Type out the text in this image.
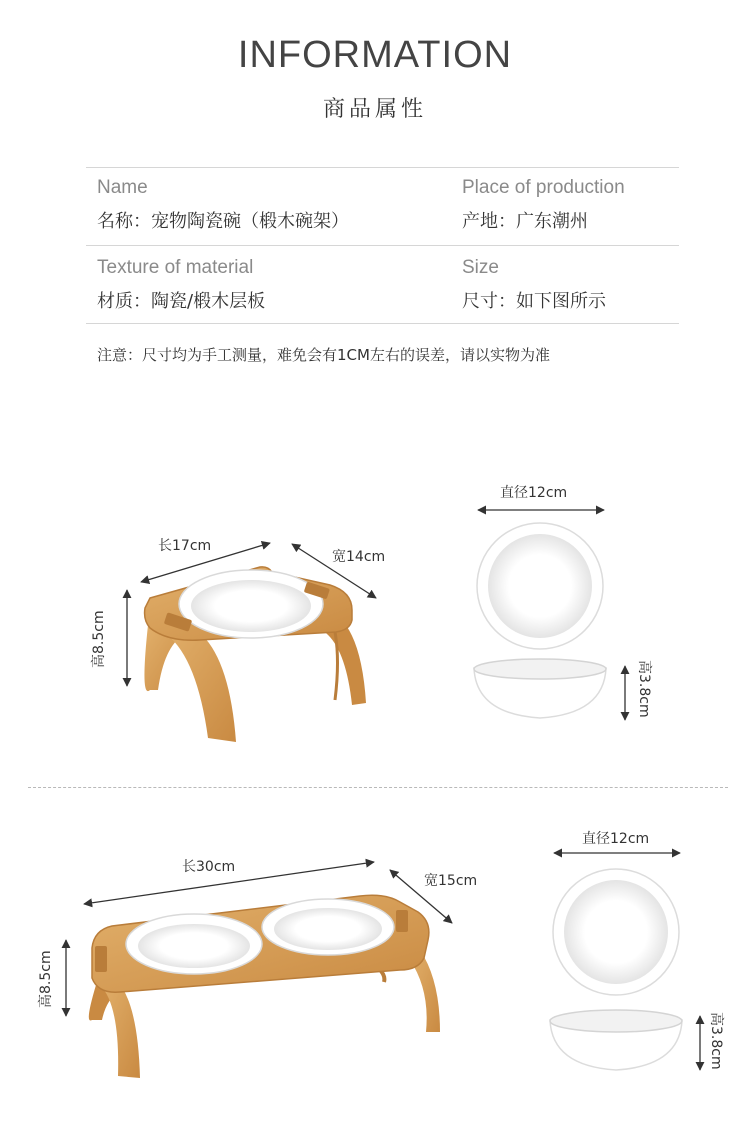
INFORMATION
商品属性
Name
名称：宠物陶瓷碗（椴木碗架）
Place of production
产地：广东潮州
Texture of material
材质：陶瓷/椴木层板
Size
尺寸：如下图所示
注意：尺寸均为手工测量，难免会有1CM左右的误差，请以实物为准
长17cm
宽14cm
高8.5cm
直径12cm
高3.8cm
长30cm
宽15cm
高8.5cm
直径12cm
高3.8cm
